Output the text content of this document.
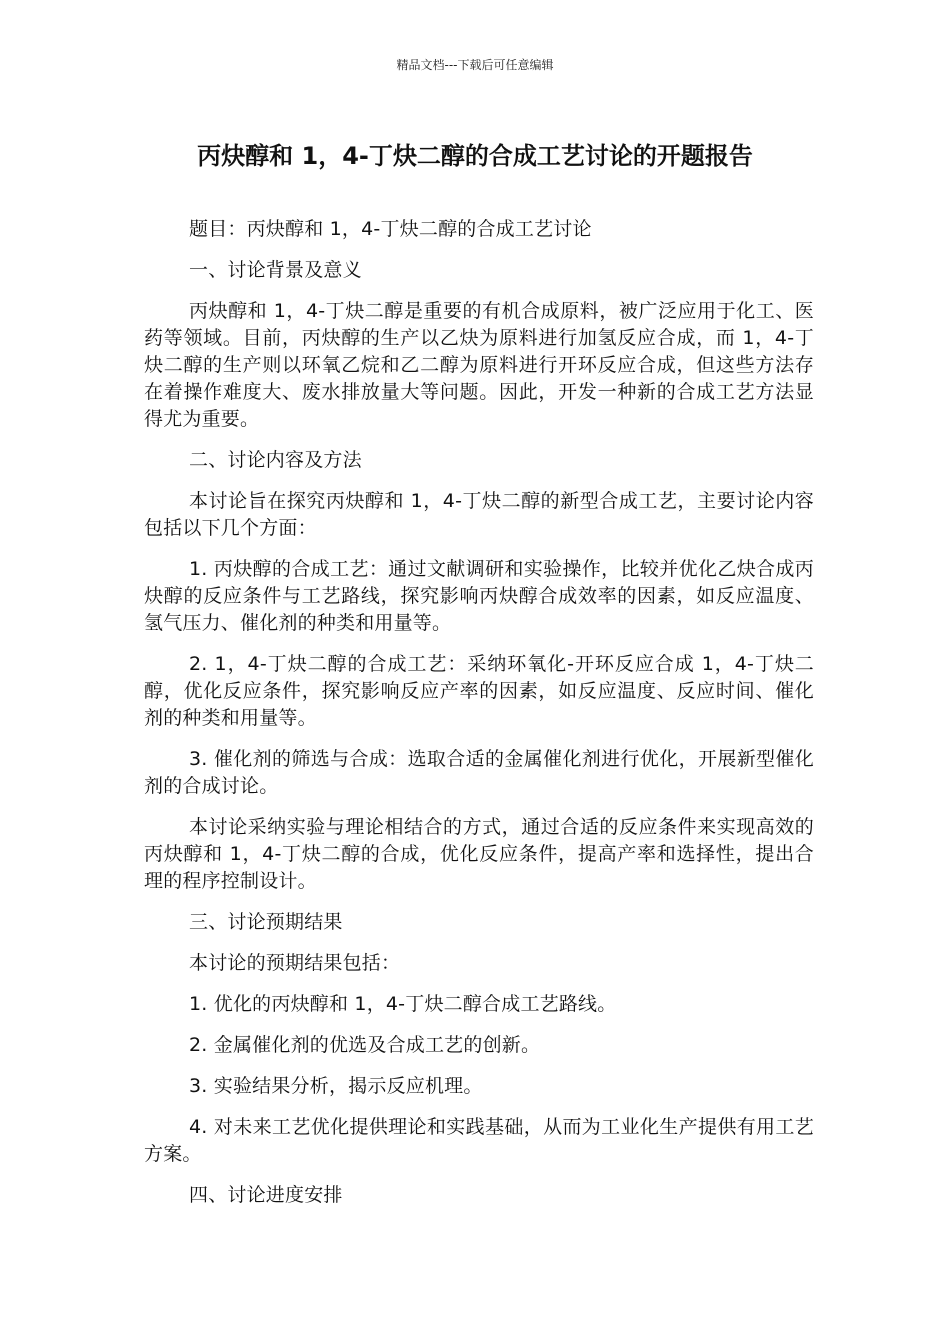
精品文档---下载后可任意编辑
丙炔醇和 1，4-丁炔二醇的合成工艺讨论的开题报告

题目：丙炔醇和 1，4-丁炔二醇的合成工艺讨论

一、讨论背景及意义

丙炔醇和 1，4-丁炔二醇是重要的有机合成原料，被广泛应用于化工、医药等领域。目前，丙炔醇的生产以乙炔为原料进行加氢反应合成，而 1，4-丁炔二醇的生产则以环氧乙烷和乙二醇为原料进行开环反应合成，但这些方法存在着操作难度大、废水排放量大等问题。因此，开发一种新的合成工艺方法显得尤为重要。

二、讨论内容及方法

本讨论旨在探究丙炔醇和 1，4-丁炔二醇的新型合成工艺，主要讨论内容包括以下几个方面：

1. 丙炔醇的合成工艺：通过文献调研和实验操作，比较并优化乙炔合成丙炔醇的反应条件与工艺路线，探究影响丙炔醇合成效率的因素，如反应温度、氢气压力、催化剂的种类和用量等。

2. 1，4-丁炔二醇的合成工艺：采纳环氧化-开环反应合成 1，4-丁炔二醇，优化反应条件，探究影响反应产率的因素，如反应温度、反应时间、催化剂的种类和用量等。

3. 催化剂的筛选与合成：选取合适的金属催化剂进行优化，开展新型催化剂的合成讨论。

本讨论采纳实验与理论相结合的方式，通过合适的反应条件来实现高效的丙炔醇和 1，4-丁炔二醇的合成，优化反应条件，提高产率和选择性，提出合理的程序控制设计。

三、讨论预期结果

本讨论的预期结果包括：

1. 优化的丙炔醇和 1，4-丁炔二醇合成工艺路线。

2. 金属催化剂的优选及合成工艺的创新。

3. 实验结果分析，揭示反应机理。

4. 对未来工艺优化提供理论和实践基础，从而为工业化生产提供有用工艺方案。

四、讨论进度安排
